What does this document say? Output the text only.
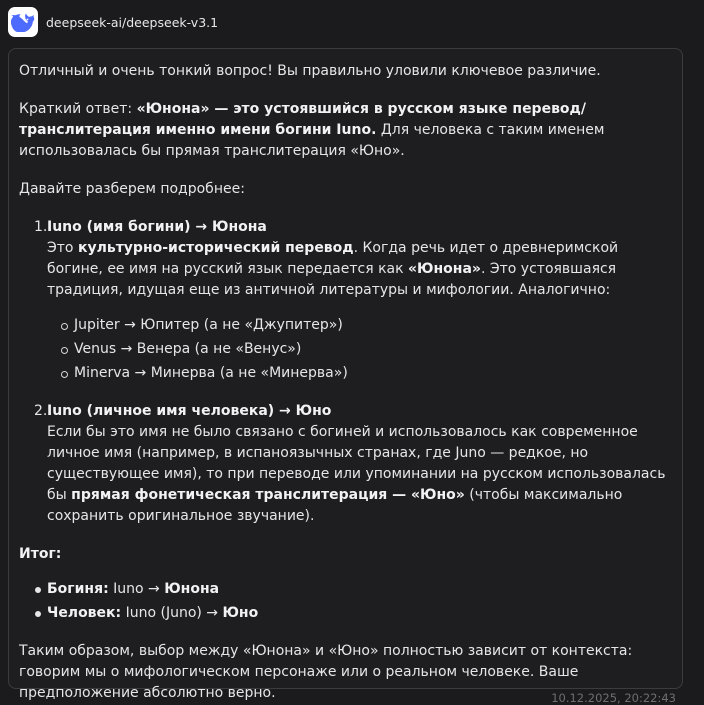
deepseek-ai/deepseek-v3.1

Отличный и очень тонкий вопрос! Вы правильно уловили ключевое различие.

Краткий ответ: «Юнона» — это устоявшийся в русском языке перевод/транслитерация именно имени богини Iuno. Для человека с таким именем использовалась бы прямая транслитерация «Юно».

Давайте разберем подробнее:

1. Iuno (имя богини) → Юнона
Это культурно-исторический перевод. Когда речь идет о древнеримской богине, ее имя на русский язык передается как «Юнона». Это устоявшаяся традиция, идущая еще из античной литературы и мифологии. Аналогично:
Jupiter → Юпитер (а не «Джупитер»)
Venus → Венера (а не «Венус»)
Minerva → Минерва (а не «Минерва»)
2. Iuno (личное имя человека) → Юно
Если бы это имя не было связано с богиней и использовалось как современное личное имя (например, в испаноязычных странах, где Juno — редкое, но существующее имя), то при переводе или упоминании на русском использовалась бы прямая фонетическая транслитерация — «Юно» (чтобы максимально сохранить оригинальное звучание).

Итог:

Богиня: Iuno → Юнона
Человек: Iuno (Juno) → Юно

Таким образом, выбор между «Юнона» и «Юно» полностью зависит от контекста: говорим мы о мифологическом персонаже или о реальном человеке. Ваше предположение абсолютно верно.	10.12.2025, 20:22:43
